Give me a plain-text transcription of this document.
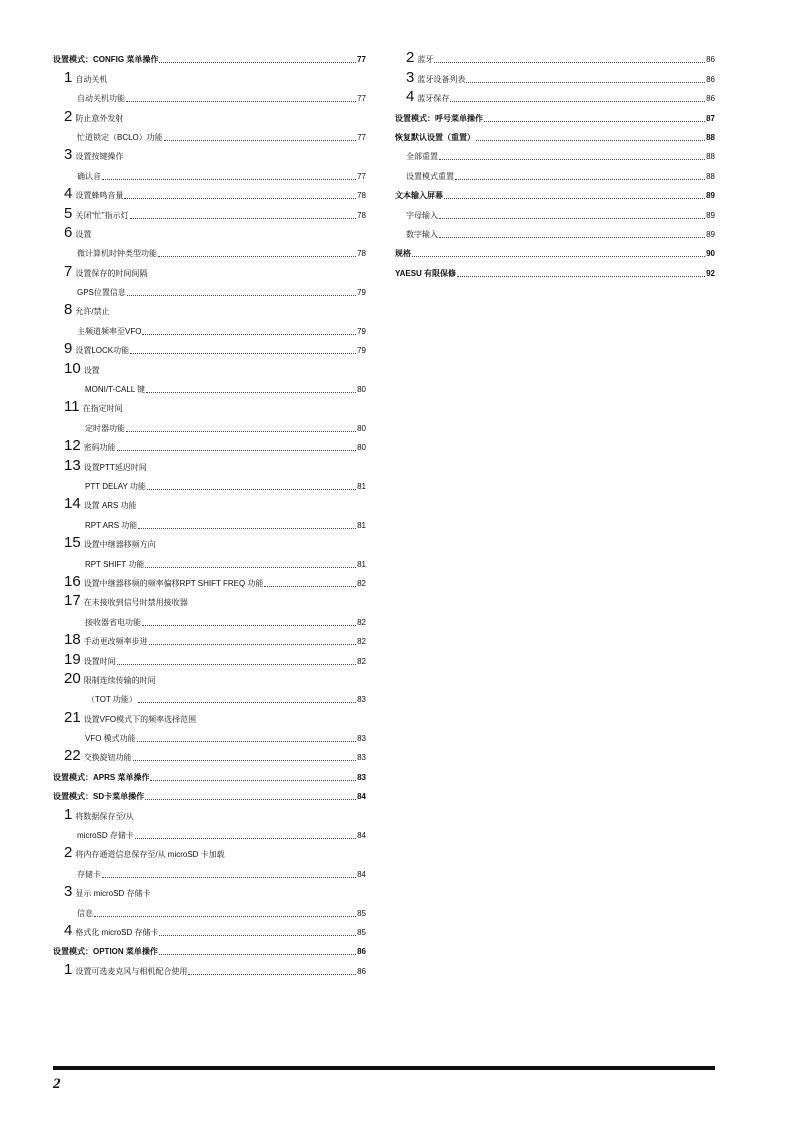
设置模式：CONFIG 菜单操作	77
1 自动关机
自动关机功能	77
2 防止意外发射
忙道锁定（BCLO）功能	77
3 设置按键操作
确认音	77
4 设置蜂鸣音量	78
5 关闭“忙”指示灯	78
6 设置
微计算机时钟类型功能	78
7 设置保存的时间间隔
GPS位置信息	79
8 允许/禁止
主频道频率至VFO	79
9 设置LOCK功能	79
10 设置
MONI/T-CALL 键	80
11 在指定时间
定时器功能	80
12 密码功能	80
13 设置PTT延迟时间
PTT DELAY 功能	81
14 设置 ARS 功能
RPT ARS 功能	81
15 设置中继器移频方向
RPT SHIFT 功能	81
16 设置中继器移频的频率偏移RPT SHIFT FREQ 功能	82
17 在未接收到信号时禁用接收器
接收器省电功能	82
18 手动更改频率步进	82
19 设置时间	82
20 限制连续传输的时间
（TOT 功能）	83
21 设置VFO模式下的频率选择范围
VFO 模式功能	83
22 交换旋钮功能	83
设置模式：APRS 菜单操作	83
设置模式：SD卡菜单操作	84
1 将数据保存至/从
microSD 存储卡	84
2 将内存通道信息保存至/从 microSD 卡加载
存储卡	84
3 显示 microSD 存储卡
信息	85
4 格式化 microSD 存储卡	85
设置模式：OPTION 菜单操作	86
1 设置可选麦克风与相机配合使用	86
2 蓝牙	86
3 蓝牙设备列表	86
4 蓝牙保存	86
设置模式：呼号菜单操作	87
恢复默认设置（重置）	88
全部重置	88
设置模式重置	88
文本输入屏幕	89
字母输入	89
数字输入	89
规格	90
YAESU 有限保修	92
2
